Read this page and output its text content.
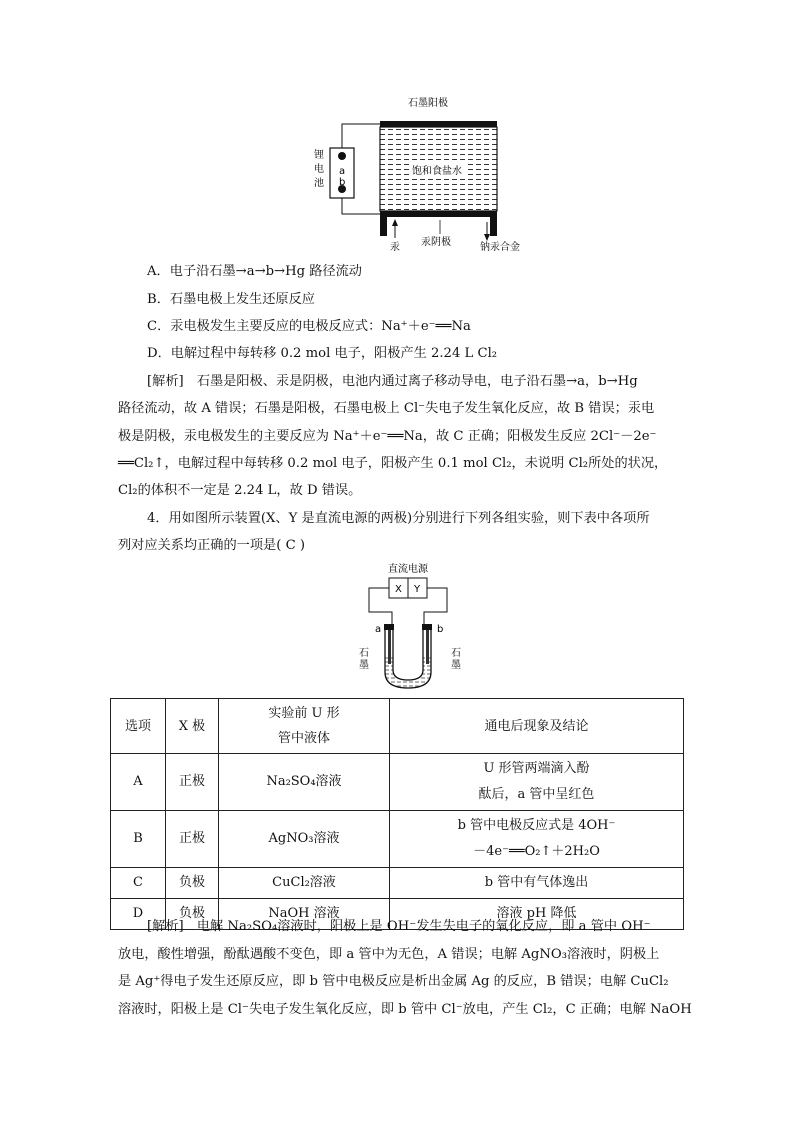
石墨阳极
饱和食盐水
a
b
锂
电
池
汞 汞阴极	钠汞合金
A．电子沿石墨→a→b→Hg 路径流动
B．石墨电极上发生还原反应
C．汞电极发生主要反应的电极反应式：Na⁺＋e⁻══Na
D．电解过程中每转移 0.2 mol 电子，阳极产生 2.24 L Cl₂
[解析]　 石墨是阳极、汞是阴极，电池内通过离子移动导电，电子沿石墨→a，b→Hg
路径流动，故 A 错误；石墨是阳极，石墨电极上 Cl⁻失电子发生氧化反应，故 B 错误；汞电
极是阴极，汞电极发生的主要反应为 Na⁺＋e⁻══Na，故 C 正确；阳极发生反应 2Cl⁻－2e⁻
══Cl₂↑，电解过程中每转移 0.2 mol 电子，阳极产生 0.1 mol Cl₂，未说明 Cl₂所处的状况，
Cl₂的体积不一定是 2.24 L，故 D 错误。
4．用如图所示装置(X、Y 是直流电源的两极)分别进行下列各组实验，则下表中各项所
列对应关系均正确的一项是( C )
直流电源
X Y
a	b
石
墨
石
墨
选项	X 极	实验前 U 形管中液体	通电后现象及结论
A	正极	Na₂SO₄溶液	U 形管两端滴入酚酞后，a 管中呈红色

B	正极	AgNO₃溶液	b 管中电极反应式是 4OH⁻－4e⁻══O₂↑＋2H₂O

C	负极	CuCl₂溶液	b 管中有气体逸出
D	负极	NaOH 溶液	溶液 pH 降低
[解析]　 电解 Na₂SO₄溶液时，阳极上是 OH⁻发生失电子的氧化反应，即 a 管中 OH⁻
放电，酸性增强，酚酞遇酸不变色，即 a 管中为无色，A 错误；电解 AgNO₃溶液时，阴极上
是 Ag⁺得电子发生还原反应，即 b 管中电极反应是析出金属 Ag 的反应，B 错误；电解 CuCl₂
溶液时，阳极上是 Cl⁻失电子发生氧化反应，即 b 管中 Cl⁻放电，产生 Cl₂，C 正确；电解 NaOH
